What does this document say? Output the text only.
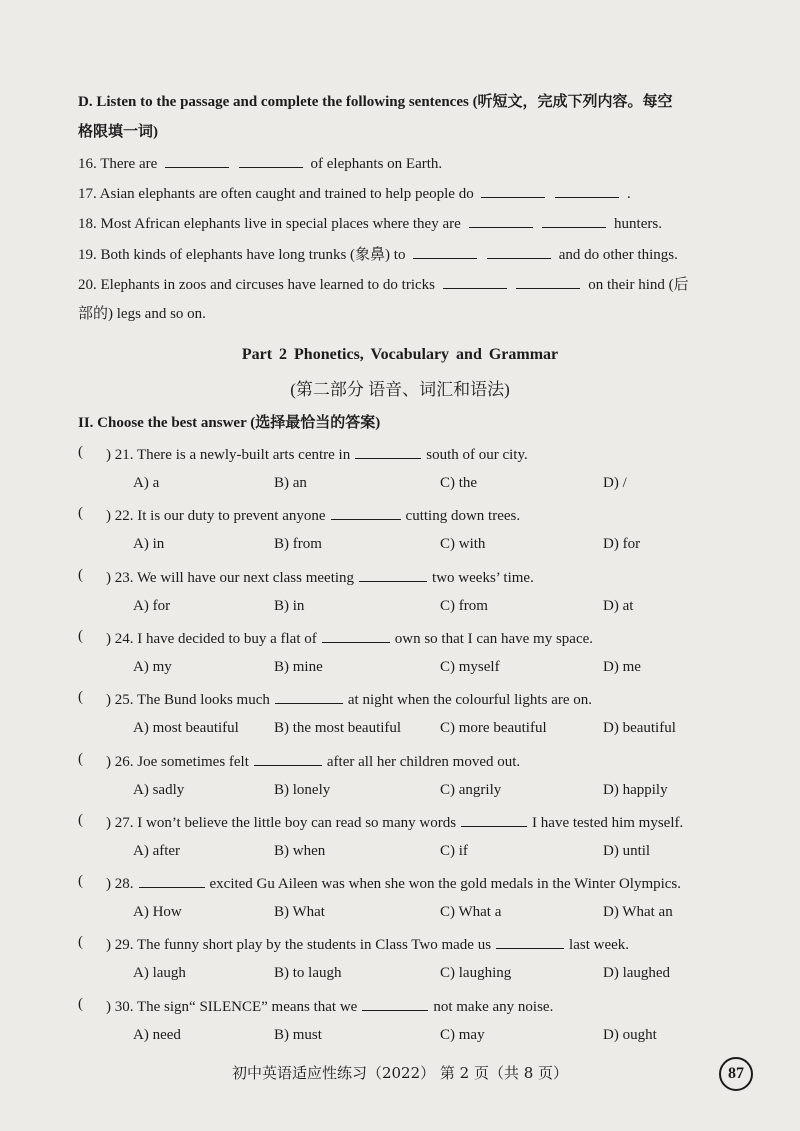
D. Listen to the passage and complete the following sentences (听短文，完成下列内容。每空
格限填一词)
16. There are	of elephants on Earth.
17. Asian elephants are often caught and trained to help people do	.
18. Most African elephants live in special places where they are	hunters.
19. Both kinds of elephants have long trunks (象鼻) to	and do other things.
20. Elephants in zoos and circuses have learned to do tricks	on their hind (后
部的) legs and so on.
Part 2 Phonetics, Vocabulary and Grammar
(第二部分 语音、词汇和语法)
II. Choose the best answer (选择最恰当的答案)
( ) 21. There is a newly-built arts centre in	south of our city.
A) a	B) an	C) the	D) /
( ) 22. It is our duty to prevent anyone	cutting down trees.
A) in	B) from	C) with	D) for
( ) 23. We will have our next class meeting	two weeks’ time.
A) for	B) in	C) from	D) at
( ) 24. I have decided to buy a flat of	own so that I can have my space.
A) my	B) mine	C) myself	D) me
( ) 25. The Bund looks much	at night when the colourful lights are on.
A) most beautiful B) the most beautiful	C) more beautiful	D) beautiful
( ) 26. Joe sometimes felt	after all her children moved out.
A) sadly	B) lonely	C) angrily	D) happily
( ) 27. I won’t believe the little boy can read so many words	I have tested him myself.
A) after	B) when	C) if	D) until
( ) 28.	excited Gu Aileen was when she won the gold medals in the Winter Olympics.
A) How	B) What	C) What a	D) What an
( ) 29. The funny short play by the students in Class Two made us	last week.
A) laugh	B) to laugh	C) laughing	D) laughed
( ) 30. The sign“ SILENCE” means that we	not make any noise.
A) need	B) must	C) may	D) ought
初中英语适应性练习（2022） 第 2 页（共 8 页）	87
